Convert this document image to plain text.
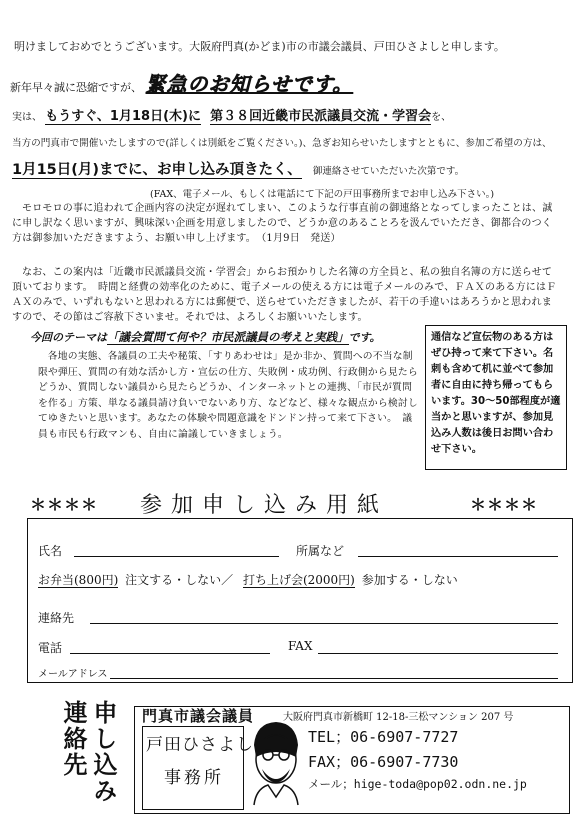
明けましておめでとうございます。大阪府門真(かどま)市の市議会議員、戸田ひさよしと申します。
新年早々誠に恐縮ですが、 緊急のお知らせです。
実は、 もうすぐ、1月18日(木)に 第３８回近畿市民派議員交流・学習会を、
当方の門真市で開催いたしますので(詳しくは別紙をご覧ください。)、急ぎお知らせいたしますとともに、参加ご希望の方は、
1月15日(月)までに、お申し込み頂きたく、 御連絡させていただいた次第です。
(FAX、電子メール、もしくは電話にて下記の戸田事務所までお申し込み下さい。)
モロモロの事に追われて企画内容の決定が遅れてしまい、このような行事直前の御連絡となってしまったことは、誠に申し訳なく思いますが、興味深い企画を用意しましたので、どうか意のあることろを汲んでいただき、御都合のつく方は御参加いただきますよう、お願い申し上げます。　（1月9日　発送）
なお、この案内は「近畿市民派議員交流・学習会」からお預かりした名簿の方全員と、私の独自名簿の方に送らせて頂いております。　時間と経費の効率化のために、電子メールの使える方には電子メールのみで、ＦＡＸのある方にはＦＡＸのみで、いずれもないと思われる方には郵便で、送らせていただきましたが、若干の手違いはあろうかと思われますので、その節はご容赦下さいませ。それでは、よろしくお願いいたします。
今回のテーマは「議会質問て何や？市民派議員の考えと実践」です。
各地の実態、各議員の工夫や秘策、「すりあわせは」是か非か、質問への不当な制限や弾圧、質問の有効な活かし方・宣伝の仕方、失敗例・成功例、行政側から見たらどうか、質問しない議員から見たらどうか、インターネットとの連携、「市民が質問を作る」方策、単なる議員請け負いでないあり方、などなど、様々な観点から検討してゆきたいと思います。あなたの体験や問題意識をドンドン持って来て下さい。　議員も市民も行政マンも、自由に論議していきましょう。
通信など宣伝物のある方はぜひ持って来て下さい。名刺も含めて机に並べて参加者に自由に持ち帰ってもらいます。30～50部程度が適当かと思いますが、参加見込み人数は後日お問い合わせ下さい。
＊＊＊＊ 参加申し込み用紙	＊＊＊＊
氏名	所属など
お弁当(800円) 注文する・しない／ 打ち上げ会(2000円) 参加する・しない
連絡先
電話	FAX
メールアドレス
申し込み連絡先	門真市議会議員
戸田ひさよし
事務所
大阪府門真市新橋町 12-18-三松マンション 207 号
TEL；06-6907-7727
FAX；06-6907-7730
メール；hige-toda@pop02.odn.ne.jp
